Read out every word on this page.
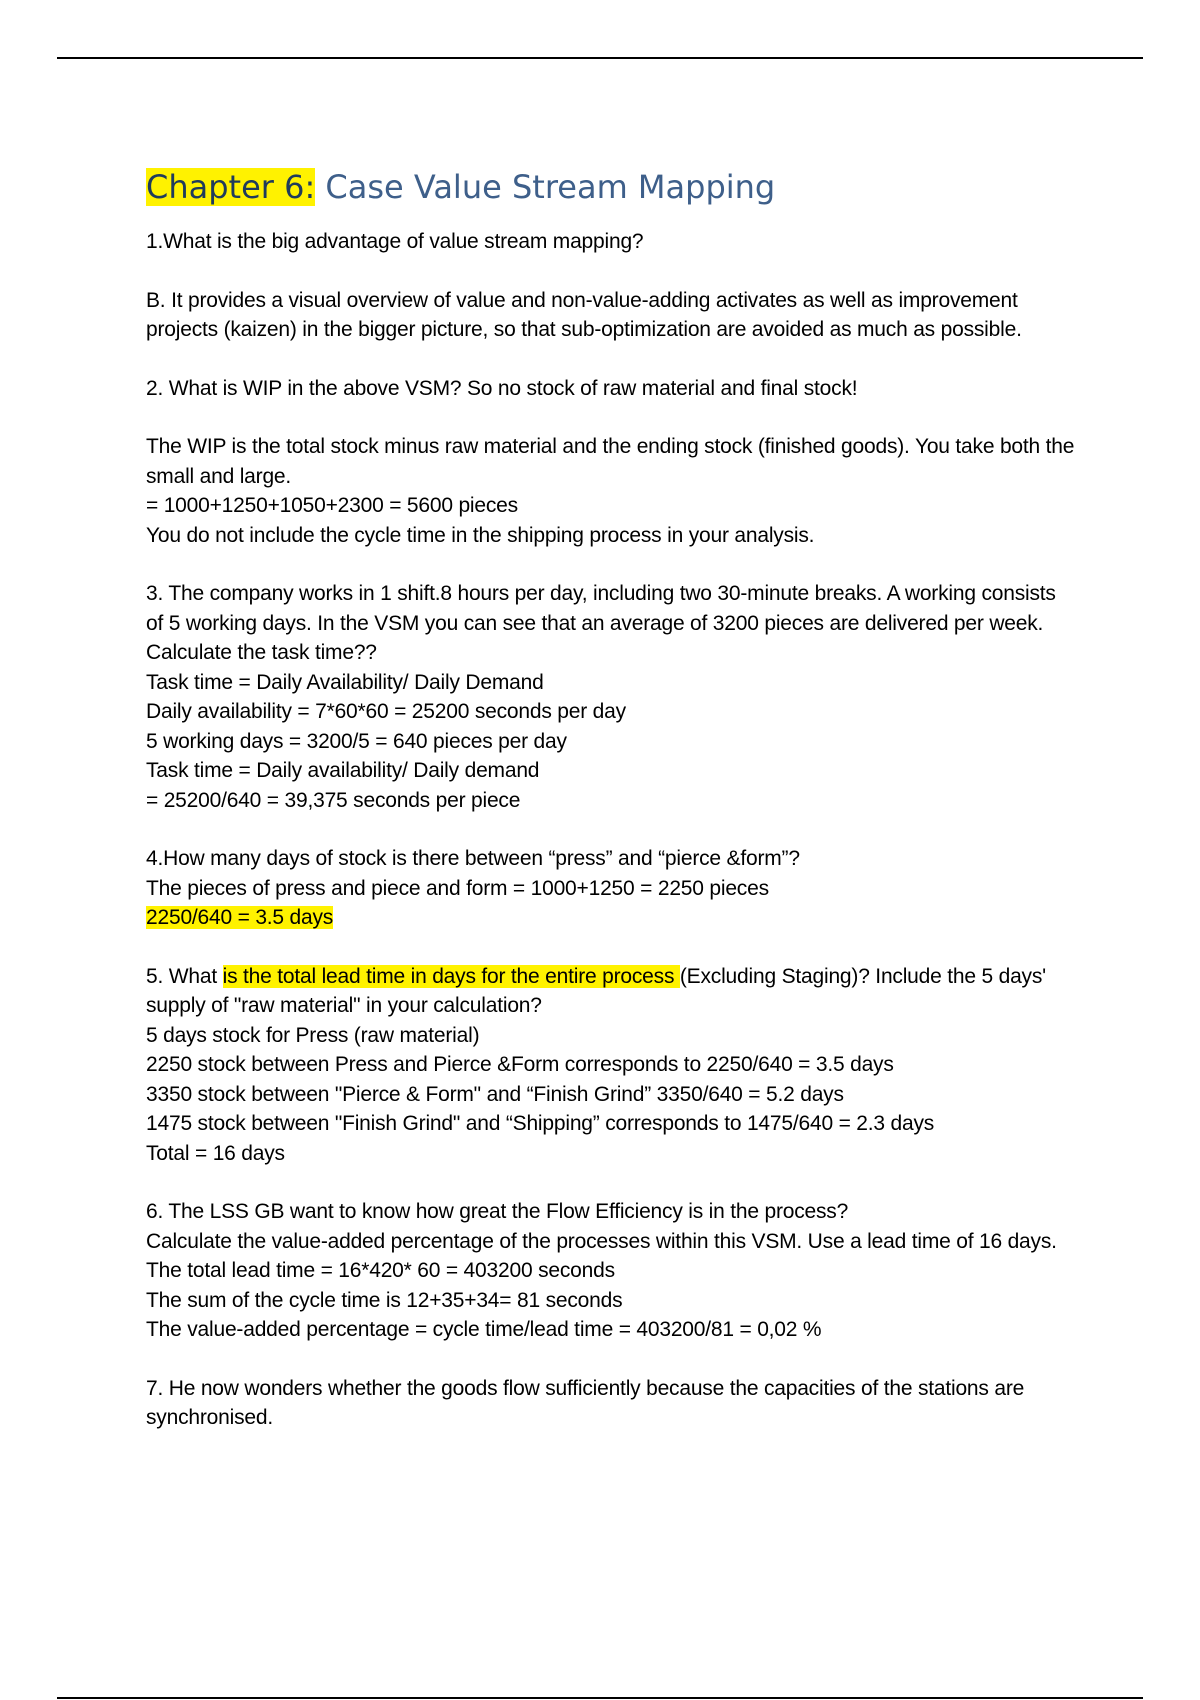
Chapter 6: Case Value Stream Mapping

1.What is the big advantage of value stream mapping?

B. It provides a visual overview of value and non-value-adding activates as well as improvement projects (kaizen) in the bigger picture, so that sub-optimization are avoided as much as possible.

2. What is WIP in the above VSM? So no stock of raw material and final stock!

The WIP is the total stock minus raw material and the ending stock (finished goods). You take both the small and large.

= 1000+1250+1050+2300 = 5600 pieces

You do not include the cycle time in the shipping process in your analysis.

3. The company works in 1 shift.8 hours per day, including two 30-minute breaks. A working consists of 5 working days. In the VSM you can see that an average of 3200 pieces are delivered per week.

Calculate the task time??

Task time = Daily Availability/ Daily Demand

Daily availability = 7*60*60 = 25200 seconds per day

5 working days = 3200/5 = 640 pieces per day

Task time = Daily availability/ Daily demand

= 25200/640 = 39,375 seconds per piece

4.How many days of stock is there between “press” and “pierce &form”?

The pieces of press and piece and form = 1000+1250 = 2250 pieces

2250/640 = 3.5 days

5. What is the total lead time in days for the entire process (Excluding Staging)? Include the 5 days' supply of "raw material" in your calculation?

5 days stock for Press (raw material)

2250 stock between Press and Pierce &Form corresponds to 2250/640 = 3.5 days

3350 stock between "Pierce & Form" and “Finish Grind” 3350/640 = 5.2 days

1475 stock between "Finish Grind" and “Shipping” corresponds to 1475/640 = 2.3 days

Total = 16 days

6. The LSS GB want to know how great the Flow Efficiency is in the process?

Calculate the value-added percentage of the processes within this VSM. Use a lead time of 16 days.

The total lead time = 16*420* 60 = 403200 seconds

The sum of the cycle time is 12+35+34= 81 seconds

The value-added percentage = cycle time/lead time = 403200/81 = 0,02 %

7. He now wonders whether the goods flow sufficiently because the capacities of the stations are synchronised.
